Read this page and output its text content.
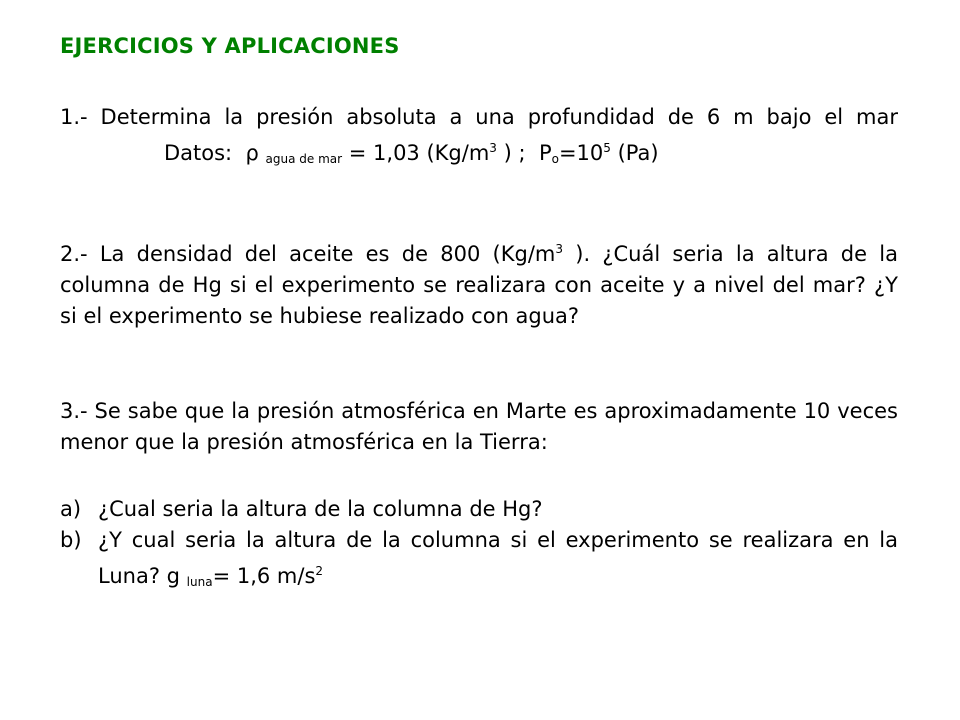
EJERCICIOS Y APLICACIONES
1.- Determina la presión absoluta a una profundidad de 6 m bajo el marDatos: ρ $_{agua de mar}$ = 1,03 ($Kg/m^3$ ) ; $P_o=10^5$ (Pa)
2.- La densidad del aceite es de 800 ($Kg/m^3$ ). ¿Cuál seria la altura de la columna de Hg si el experimento se realizara con aceite y a nivel del mar? ¿Y si el experimento se hubiese realizado con agua?
3.- Se sabe que la presión atmosférica en Marte es aproximadamente 10 veces menor que la presión atmosférica en la Tierra:
a) ¿Cual seria la altura de la columna de Hg?
b) ¿Y cual seria la altura de la columna si el experimento se realizara en la Luna? g $_{luna}$= 1,6 $m/s^2$
